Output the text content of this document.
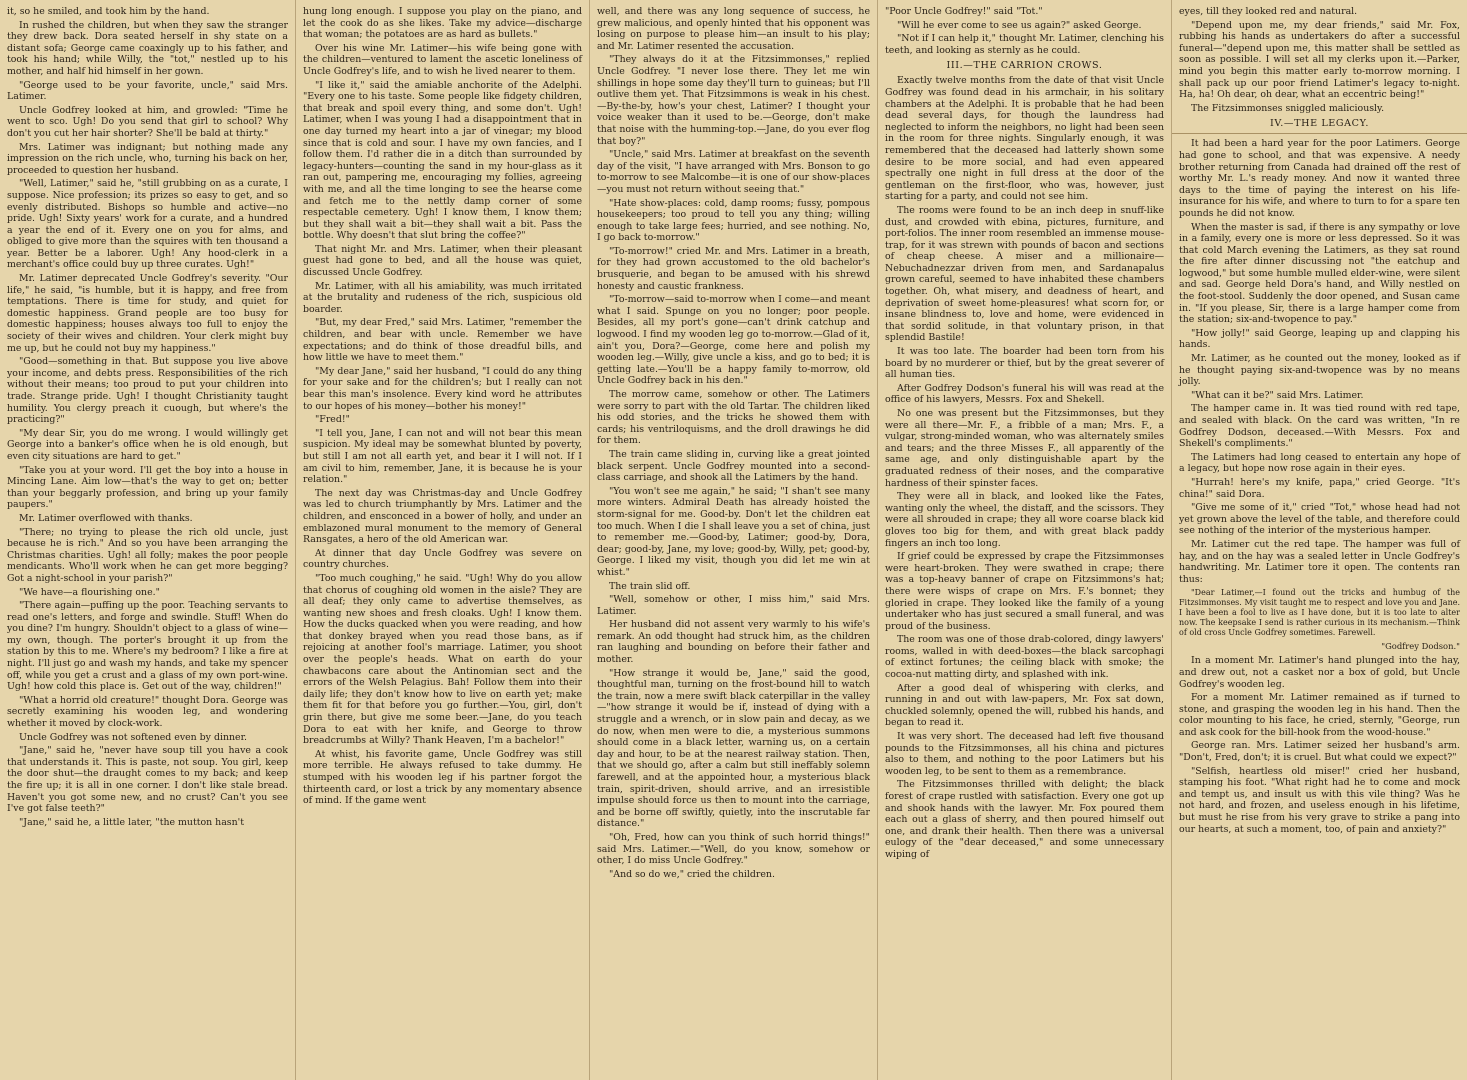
it, so he smiled, and took him by the hand.

In rushed the children, but when they saw the stranger they drew back. Dora seated herself in shy state on a distant sofa; George came coaxingly up to his father, and took his hand; while Willy, the "tot," nestled up to his mother, and half hid himself in her gown.

"George used to be your favorite, uncle," said Mrs. Latimer.

Uncle Godfrey looked at him, and growled: "Time he went to sco. Ugh! Do you send that girl to school? Why don't you cut her hair shorter? She'll be bald at thirty."

Mrs. Latimer was indignant; but nothing made any impression on the rich uncle, who, turning his back on her, proceeded to question her husband.

"Well, Latimer," said he, "still grubbing on as a curate, I suppose. Nice profession; its prizes so easy to get, and so evenly distributed. Bishops so humble and active—no pride. Ugh! Sixty years' work for a curate, and a hundred a year the end of it. Every one on you for alms, and obliged to give more than the squires with ten thousand a year. Better be a laborer. Ugh! Any hood-clerk in a merchant's office could buy up three curates. Ugh!"

Mr. Latimer deprecated Uncle Godfrey's severity. "Our life," he said, "is humble, but it is happy, and free from temptations. There is time for study, and quiet for domestic happiness. Grand people are too busy for domestic happiness; houses always too full to enjoy the society of their wives and children. Your clerk might buy me up, but he could not buy my happiness."

"Good—something in that. But suppose you live above your income, and debts press. Responsibilities of the rich without their means; too proud to put your children into trade. Strange pride. Ugh! I thought Christianity taught humility. You clergy preach it cuough, but where's the practicing?"

"My dear Sir, you do me wrong. I would willingly get George into a banker's office when he is old enough, but even city situations are hard to get."

"Take you at your word. I'll get the boy into a house in Mincing Lane. Aim low—that's the way to get on; better than your beggarly profession, and bring up your family paupers."

Mr. Latimer overflowed with thanks.

"There; no trying to please the rich old uncle, just because he is rich." And so you have been arranging the Christmas charities. Ugh! all folly; makes the poor people mendicants. Who'll work when he can get more begging? Got a night-school in your parish?"

"We have—a flourishing one."

"There again—puffing up the poor. Teaching servants to read one's letters, and forge and swindle. Stuff! When do you dine? I'm hungry. Shouldn't object to a glass of wine—my own, though. The porter's brought it up from the station by this to me. Where's my bedroom? I like a fire at night. I'll just go and wash my hands, and take my spencer off, while you get a crust and a glass of my own port-wine. Ugh! how cold this place is. Get out of the way, children!"

"What a horrid old creature!" thought Dora. George was secretly examining his wooden leg, and wondering whether it moved by clock-work.

Uncle Godfrey was not softened even by dinner.

"Jane," said he, "never have soup till you have a cook that understands it. This is paste, not soup. You girl, keep the door shut—the draught comes to my back; and keep the fire up; it is all in one corner. I don't like stale bread. Haven't you got some new, and no crust? Can't you see I've got false teeth?"

"Jane," said he, a little later, "the mutton hasn't

hung long enough. I suppose you play on the piano, and let the cook do as she likes. Take my advice—discharge that woman; the potatoes are as hard as bullets."

Over his wine Mr. Latimer—his wife being gone with the children—ventured to lament the ascetic loneliness of Uncle Godfrey's life, and to wish he lived nearer to them.

"I like it," said the amiable anchorite of the Adelphi. "Every one to his taste. Some people like fidgety children, that break and spoil every thing, and some don't. Ugh! Latimer, when I was young I had a disappointment that in one day turned my heart into a jar of vinegar; my blood since that is cold and sour. I have my own fancies, and I follow them. I'd rather die in a ditch than surrounded by legacy-hunters—counting the sand in my hour-glass as it ran out, pampering me, encouraging my follies, agreeing with me, and all the time longing to see the hearse come and fetch me to the nettly damp corner of some respectable cemetery. Ugh! I know them, I know them; but they shall wait a bit—they shall wait a bit. Pass the bottle. Why doesn't that slut bring the coffee?"

That night Mr. and Mrs. Latimer, when their pleasant guest had gone to bed, and all the house was quiet, discussed Uncle Godfrey.

Mr. Latimer, with all his amiability, was much irritated at the brutality and rudeness of the rich, suspicious old boarder.

"But, my dear Fred," said Mrs. Latimer, "remember the children, and bear with uncle. Remember we have expectations; and do think of those dreadful bills, and how little we have to meet them."

"My dear Jane," said her husband, "I could do any thing for your sake and for the children's; but I really can not bear this man's insolence. Every kind word he attributes to our hopes of his money—bother his money!"

"Fred!"

"I tell you, Jane, I can not and will not bear this mean suspicion. My ideal may be somewhat blunted by poverty, but still I am not all earth yet, and bear it I will not. If I am civil to him, remember, Jane, it is because he is your relation."

The next day was Christmas-day and Uncle Godfrey was led to church triumphantly by Mrs. Latimer and the children, and ensconced in a bower of holly, and under an emblazoned mural monument to the memory of General Ransgates, a hero of the old American war.

At dinner that day Uncle Godfrey was severe on country churches.

"Too much coughing," he said. "Ugh! Why do you allow that chorus of coughing old women in the aisle? They are all deaf; they only came to advertise themselves, as wanting new shoes and fresh cloaks. Ugh! I know them. How the ducks quacked when you were reading, and how that donkey brayed when you read those bans, as if rejoicing at another fool's marriage. Latimer, you shoot over the people's heads. What on earth do your chawbacons care about the Antinomian sect and the errors of the Welsh Pelagius. Bah! Follow them into their daily life; they don't know how to live on earth yet; make them fit for that before you go further.—You, girl, don't grin there, but give me some beer.—Jane, do you teach Dora to eat with her knife, and George to throw breadcrumbs at Willy? Thank Heaven, I'm a bachelor!"

At whist, his favorite game, Uncle Godfrey was still more terrible. He always refused to take dummy. He stumped with his wooden leg if his partner forgot the thirteenth card, or lost a trick by any momentary absence of mind. If the game went

well, and there was any long sequence of success, he grew malicious, and openly hinted that his opponent was losing on purpose to please him—an insult to his play; and Mr. Latimer resented the accusation.

"They always do it at the Fitzsimmonses," replied Uncle Godfrey. "I never lose there. They let me win shillings in hope some day they'll turn to guineas; but I'll outlive them yet. That Fitzsimmons is weak in his chest.—By-the-by, how's your chest, Latimer? I thought your voice weaker than it used to be.—George, don't make that noise with the humming-top.—Jane, do you ever flog that boy?"

"Uncle," said Mrs. Latimer at breakfast on the seventh day of the visit, "I have arranged with Mrs. Bonson to go to-morrow to see Malcombe—it is one of our show-places—you must not return without seeing that."

"Hate show-places: cold, damp rooms; fussy, pompous housekeepers; too proud to tell you any thing; willing enough to take large fees; hurried, and see nothing. No, I go back to-morrow."

"To-morrow!" cried Mr. and Mrs. Latimer in a breath, for they had grown accustomed to the old bachelor's brusquerie, and began to be amused with his shrewd honesty and caustic frankness.

"To-morrow—said to-morrow when I come—and meant what I said. Spunge on you no longer; poor people. Besides, all my port's gone—can't drink catchup and logwood. I find my wooden leg go to-morrow.—Glad of it, ain't you, Dora?—George, come here and polish my wooden leg.—Willy, give uncle a kiss, and go to bed; it is getting late.—You'll be a happy family to-morrow, old Uncle Godfrey back in his den."

The morrow came, somehow or other. The Latimers were sorry to part with the old Tartar. The children liked his odd stories, and the tricks he showed them with cards; his ventriloquisms, and the droll drawings he did for them.

The train came sliding in, curving like a great jointed black serpent. Uncle Godfrey mounted into a second-class carriage, and shook all the Latimers by the hand.

"You won't see me again," he said; "I shan't see many more winters. Admiral Death has already hoisted the storm-signal for me. Good-by. Don't let the children eat too much. When I die I shall leave you a set of china, just to remember me.—Good-by, Latimer; good-by, Dora, dear; good-by, Jane, my love; good-by, Willy, pet; good-by, George. I liked my visit, though you did let me win at whist."

The train slid off.

"Well, somehow or other, I miss him," said Mrs. Latimer.

Her husband did not assent very warmly to his wife's remark. An odd thought had struck him, as the children ran laughing and bounding on before their father and mother.

"How strange it would be, Jane," said the good, thoughtful man, turning on the frost-bound hill to watch the train, now a mere swift black caterpillar in the valley—"how strange it would be if, instead of dying with a struggle and a wrench, or in slow pain and decay, as we do now, when men were to die, a mysterious summons should come in a black letter, warning us, on a certain day and hour, to be at the nearest railway station. Then, that we should go, after a calm but still ineffably solemn farewell, and at the appointed hour, a mysterious black train, spirit-driven, should arrive, and an irresistible impulse should force us then to mount into the carriage, and be borne off swiftly, quietly, into the inscrutable far distance."

"Oh, Fred, how can you think of such horrid things!" said Mrs. Latimer.—"Well, do you know, somehow or other, I do miss Uncle Godfrey."

"And so do we," cried the children.

"Poor Uncle Godfrey!" said "Tot."

"Will he ever come to see us again?" asked George.

"Not if I can help it," thought Mr. Latimer, clenching his teeth, and looking as sternly as he could.

III.—THE CARRION CROWS.

Exactly twelve months from the date of that visit Uncle Godfrey was found dead in his armchair, in his solitary chambers at the Adelphi. It is probable that he had been dead several days, for though the laundress had neglected to inform the neighbors, no light had been seen in the room for three nights. Singularly enough, it was remembered that the deceased had latterly shown some desire to be more social, and had even appeared spectrally one night in full dress at the door of the gentleman on the first-floor, who was, however, just starting for a party, and could not see him.

The rooms were found to be an inch deep in snuff-like dust, and crowded with ebina, pictures, furniture, and port-folios. The inner room resembled an immense mouse-trap, for it was strewn with pounds of bacon and sections of cheap cheese. A miser and a millionaire—Nebuchadnezzar driven from men, and Sardanapalus grown careful, seemed to have inhabited these chambers together. Oh, what misery, and deadness of heart, and deprivation of sweet home-pleasures! what scorn for, or insane blindness to, love and home, were evidenced in that sordid solitude, in that voluntary prison, in that splendid Bastile!

It was too late. The boarder had been torn from his board by no murderer or thief, but by the great severer of all human ties.

After Godfrey Dodson's funeral his will was read at the office of his lawyers, Messrs. Fox and Shekell.

No one was present but the Fitzsimmonses, but they were all there—Mr. F., a fribble of a man; Mrs. F., a vulgar, strong-minded woman, who was alternately smiles and tears; and the three Misses F., all apparently of the same age, and only distinguishable apart by the graduated redness of their noses, and the comparative hardness of their spinster faces.

They were all in black, and looked like the Fates, wanting only the wheel, the distaff, and the scissors. They were all shrouded in crape; they all wore coarse black kid gloves too big for them, and with great black paddy fingers an inch too long.

If grief could be expressed by crape the Fitzsimmonses were heart-broken. They were swathed in crape; there was a top-heavy banner of crape on Fitzsimmons's hat; there were wisps of crape on Mrs. F.'s bonnet; they gloried in crape. They looked like the family of a young undertaker who has just secured a small funeral, and was proud of the business.

The room was one of those drab-colored, dingy lawyers' rooms, walled in with deed-boxes—the black sarcophagi of extinct fortunes; the ceiling black with smoke; the cocoa-nut matting dirty, and splashed with ink.

After a good deal of whispering with clerks, and running in and out with law-papers, Mr. Fox sat down, chuckled solemnly, opened the will, rubbed his hands, and began to read it.

It was very short. The deceased had left five thousand pounds to the Fitzsimmonses, all his china and pictures also to them, and nothing to the poor Latimers but his wooden leg, to be sent to them as a remembrance.

The Fitzsimmonses thrilled with delight; the black forest of crape rustled with satisfaction. Every one got up and shook hands with the lawyer. Mr. Fox poured them each out a glass of sherry, and then poured himself out one, and drank their health. Then there was a universal eulogy of the "dear deceased," and some unnecessary wiping of

eyes, till they looked red and natural.

"Depend upon me, my dear friends," said Mr. Fox, rubbing his hands as undertakers do after a successful funeral—"depend upon me, this matter shall be settled as soon as possible. I will set all my clerks upon it.—Parker, mind you begin this matter early to-morrow morning. I shall pack up our poor friend Latimer's legacy to-night. Ha, ha! Oh dear, oh dear, what an eccentric being!"

The Fitzsimmonses sniggled maliciously.

IV.—THE LEGACY.

It had been a hard year for the poor Latimers. George had gone to school, and that was expensive. A needy brother returning from Canada had drained off the rest of worthy Mr. L.'s ready money. And now it wanted three days to the time of paying the interest on his life-insurance for his wife, and where to turn to for a spare ten pounds he did not know.

When the master is sad, if there is any sympathy or love in a family, every one is more or less depressed. So it was that cold March evening the Latimers, as they sat round the fire after dinner discussing not "the eatchup and logwood," but some humble mulled elder-wine, were silent and sad. George held Dora's hand, and Willy nestled on the foot-stool. Suddenly the door opened, and Susan came in. "If you please, Sir, there is a large hamper come from the station; six-and-twopence to pay."

"How jolly!" said George, leaping up and clapping his hands.

Mr. Latimer, as he counted out the money, looked as if he thought paying six-and-twopence was by no means jolly.

"What can it be?" said Mrs. Latimer.

The hamper came in. It was tied round with red tape, and sealed with black. On the card was written, "In re Godfrey Dodson, deceased.—With Messrs. Fox and Shekell's compliments."

The Latimers had long ceased to entertain any hope of a legacy, but hope now rose again in their eyes.

"Hurrah! here's my knife, papa," cried George. "It's china!" said Dora.

"Give me some of it," cried "Tot," whose head had not yet grown above the level of the table, and therefore could see nothing of the interior of the mysterious hamper.

Mr. Latimer cut the red tape. The hamper was full of hay, and on the hay was a sealed letter in Uncle Godfrey's handwriting. Mr. Latimer tore it open. The contents ran thus:

"Dear Latimer,—I found out the tricks and humbug of the Fitzsimmonses. My visit taught me to respect and love you and Jane. I have been a fool to live as I have done, but it is too late to alter now. The keepsake I send is rather curious in its mechanism.—Think of old cross Uncle Godfrey sometimes. Farewell.

"Godfrey Dodson."

In a moment Mr. Latimer's hand plunged into the hay, and drew out, not a casket nor a box of gold, but Uncle Godfrey's wooden leg.

For a moment Mr. Latimer remained as if turned to stone, and grasping the wooden leg in his hand. Then the color mounting to his face, he cried, sternly, "George, run and ask cook for the bill-hook from the wood-house."

George ran. Mrs. Latimer seized her husband's arm. "Don't, Fred, don't; it is cruel. But what could we expect?"

"Selfish, heartless old miser!" cried her husband, stamping his foot. "What right had he to come and mock and tempt us, and insult us with this vile thing? Was he not hard, and frozen, and useless enough in his lifetime, but must he rise from his very grave to strike a pang into our hearts, at such a moment, too, of pain and anxiety?"
